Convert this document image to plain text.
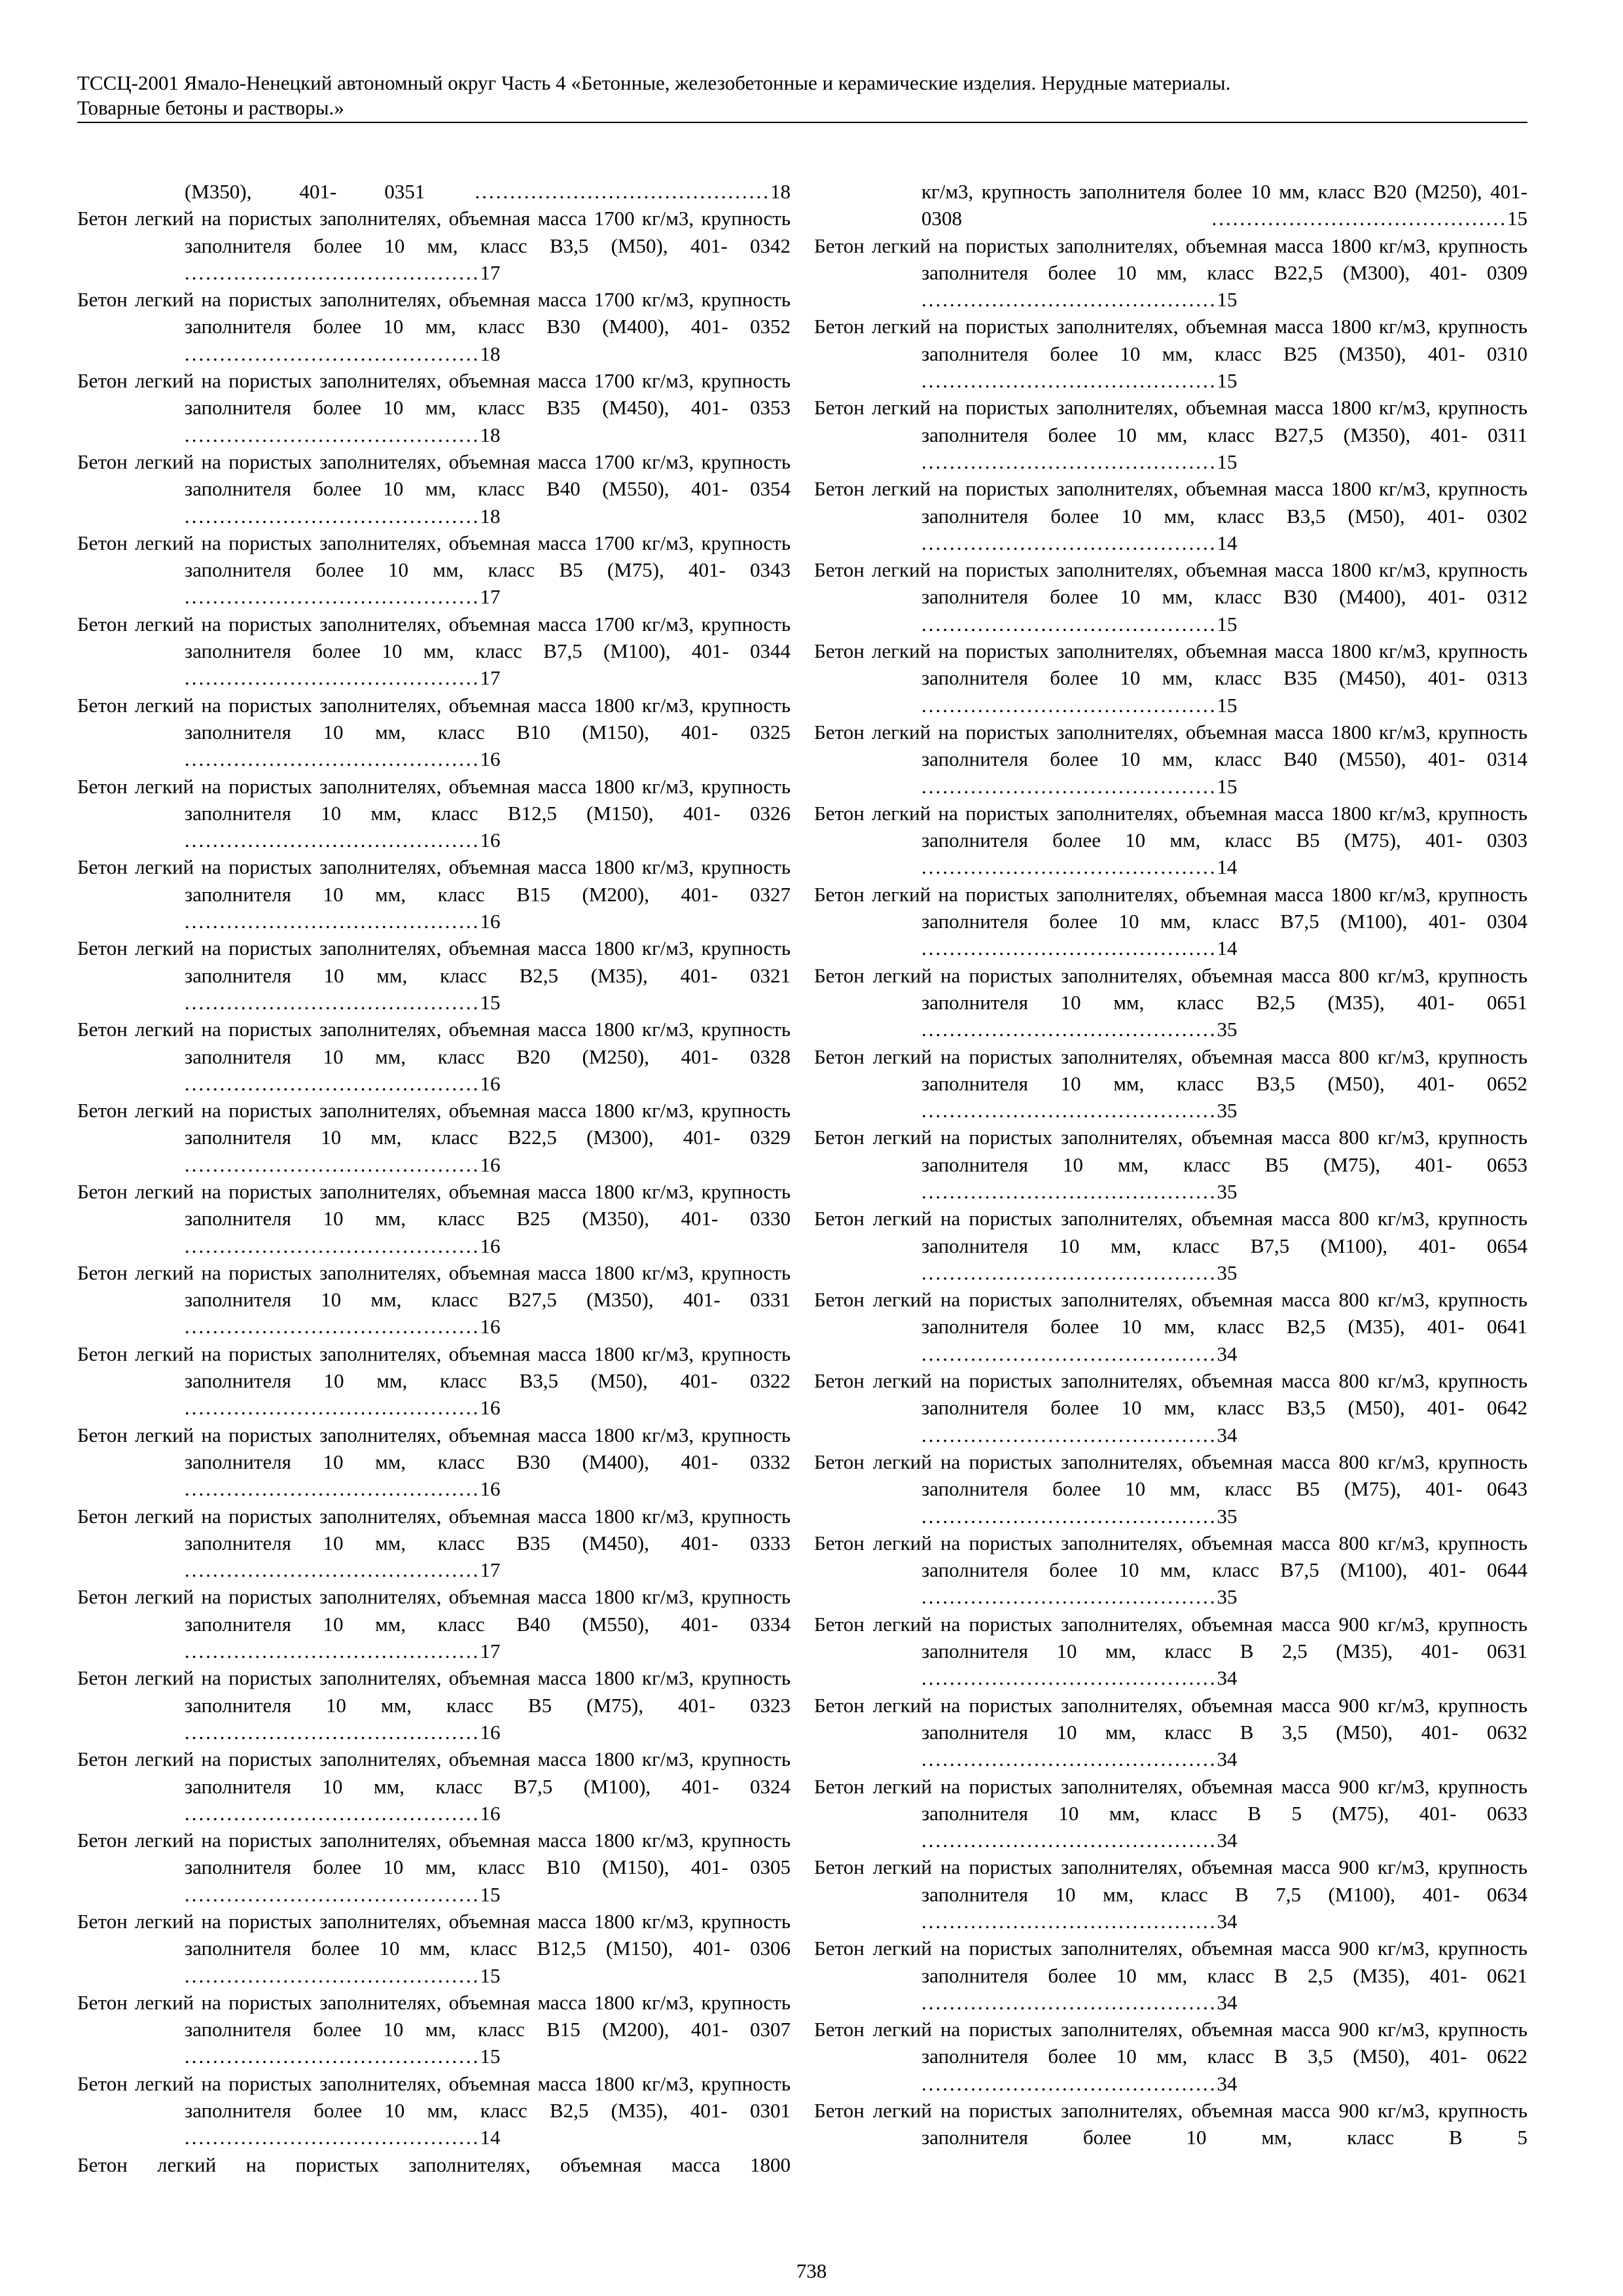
ТССЦ-2001 Ямало-Ненецкий автономный округ Часть 4 «Бетонные, железобетонные и керамические изделия. Нерудные материалы.
Товарные бетоны и растворы.»

(М350), 401- 0351 ..........................................18

Бетон легкий на пористых заполнителях, объемная масса 1700 кг/м3, крупность заполнителя более 10 мм, класс В3,5 (М50), 401- 0342 ..........................................17

Бетон легкий на пористых заполнителях, объемная масса 1700 кг/м3, крупность заполнителя более 10 мм, класс В30 (М400), 401- 0352 ..........................................18

Бетон легкий на пористых заполнителях, объемная масса 1700 кг/м3, крупность заполнителя более 10 мм, класс В35 (М450), 401- 0353 ..........................................18

Бетон легкий на пористых заполнителях, объемная масса 1700 кг/м3, крупность заполнителя более 10 мм, класс В40 (М550), 401- 0354 ..........................................18

Бетон легкий на пористых заполнителях, объемная масса 1700 кг/м3, крупность заполнителя более 10 мм, класс В5 (М75), 401- 0343 ..........................................17

Бетон легкий на пористых заполнителях, объемная масса 1700 кг/м3, крупность заполнителя более 10 мм, класс В7,5 (М100), 401- 0344 ..........................................17

Бетон легкий на пористых заполнителях, объемная масса 1800 кг/м3, крупность заполнителя 10 мм, класс В10 (М150), 401- 0325 ..........................................16

Бетон легкий на пористых заполнителях, объемная масса 1800 кг/м3, крупность заполнителя 10 мм, класс В12,5 (М150), 401- 0326 ..........................................16

Бетон легкий на пористых заполнителях, объемная масса 1800 кг/м3, крупность заполнителя 10 мм, класс В15 (М200), 401- 0327 ..........................................16

Бетон легкий на пористых заполнителях, объемная масса 1800 кг/м3, крупность заполнителя 10 мм, класс В2,5 (М35), 401- 0321 ..........................................15

Бетон легкий на пористых заполнителях, объемная масса 1800 кг/м3, крупность заполнителя 10 мм, класс В20 (М250), 401- 0328 ..........................................16

Бетон легкий на пористых заполнителях, объемная масса 1800 кг/м3, крупность заполнителя 10 мм, класс В22,5 (М300), 401- 0329 ..........................................16

Бетон легкий на пористых заполнителях, объемная масса 1800 кг/м3, крупность заполнителя 10 мм, класс В25 (М350), 401- 0330 ..........................................16

Бетон легкий на пористых заполнителях, объемная масса 1800 кг/м3, крупность заполнителя 10 мм, класс В27,5 (М350), 401- 0331 ..........................................16

Бетон легкий на пористых заполнителях, объемная масса 1800 кг/м3, крупность заполнителя 10 мм, класс В3,5 (М50), 401- 0322 ..........................................16

Бетон легкий на пористых заполнителях, объемная масса 1800 кг/м3, крупность заполнителя 10 мм, класс В30 (М400), 401- 0332 ..........................................16

Бетон легкий на пористых заполнителях, объемная масса 1800 кг/м3, крупность заполнителя 10 мм, класс В35 (М450), 401- 0333 ..........................................17

Бетон легкий на пористых заполнителях, объемная масса 1800 кг/м3, крупность заполнителя 10 мм, класс В40 (М550), 401- 0334 ..........................................17

Бетон легкий на пористых заполнителях, объемная масса 1800 кг/м3, крупность заполнителя 10 мм, класс В5 (М75), 401- 0323 ..........................................16

Бетон легкий на пористых заполнителях, объемная масса 1800 кг/м3, крупность заполнителя 10 мм, класс В7,5 (М100), 401- 0324 ..........................................16

Бетон легкий на пористых заполнителях, объемная масса 1800 кг/м3, крупность заполнителя более 10 мм, класс В10 (М150), 401- 0305 ..........................................15

Бетон легкий на пористых заполнителях, объемная масса 1800 кг/м3, крупность заполнителя более 10 мм, класс В12,5 (М150), 401- 0306 ..........................................15

Бетон легкий на пористых заполнителях, объемная масса 1800 кг/м3, крупность заполнителя более 10 мм, класс В15 (М200), 401- 0307 ..........................................15

Бетон легкий на пористых заполнителях, объемная масса 1800 кг/м3, крупность заполнителя более 10 мм, класс В2,5 (М35), 401- 0301 ..........................................14

Бетон легкий на пористых заполнителях, объемная масса 1800

кг/м3, крупность заполнителя более 10 мм, класс В20 (М250), 401- 0308 ..........................................15

Бетон легкий на пористых заполнителях, объемная масса 1800 кг/м3, крупность заполнителя более 10 мм, класс В22,5 (М300), 401- 0309 ..........................................15

Бетон легкий на пористых заполнителях, объемная масса 1800 кг/м3, крупность заполнителя более 10 мм, класс В25 (М350), 401- 0310 ..........................................15

Бетон легкий на пористых заполнителях, объемная масса 1800 кг/м3, крупность заполнителя более 10 мм, класс В27,5 (М350), 401- 0311 ..........................................15

Бетон легкий на пористых заполнителях, объемная масса 1800 кг/м3, крупность заполнителя более 10 мм, класс В3,5 (М50), 401- 0302 ..........................................14

Бетон легкий на пористых заполнителях, объемная масса 1800 кг/м3, крупность заполнителя более 10 мм, класс В30 (М400), 401- 0312 ..........................................15

Бетон легкий на пористых заполнителях, объемная масса 1800 кг/м3, крупность заполнителя более 10 мм, класс В35 (М450), 401- 0313 ..........................................15

Бетон легкий на пористых заполнителях, объемная масса 1800 кг/м3, крупность заполнителя более 10 мм, класс В40 (М550), 401- 0314 ..........................................15

Бетон легкий на пористых заполнителях, объемная масса 1800 кг/м3, крупность заполнителя более 10 мм, класс В5 (М75), 401- 0303 ..........................................14

Бетон легкий на пористых заполнителях, объемная масса 1800 кг/м3, крупность заполнителя более 10 мм, класс В7,5 (М100), 401- 0304 ..........................................14

Бетон легкий на пористых заполнителях, объемная масса 800 кг/м3, крупность заполнителя 10 мм, класс В2,5 (М35), 401- 0651 ..........................................35

Бетон легкий на пористых заполнителях, объемная масса 800 кг/м3, крупность заполнителя 10 мм, класс В3,5 (М50), 401- 0652 ..........................................35

Бетон легкий на пористых заполнителях, объемная масса 800 кг/м3, крупность заполнителя 10 мм, класс В5 (М75), 401- 0653 ..........................................35

Бетон легкий на пористых заполнителях, объемная масса 800 кг/м3, крупность заполнителя 10 мм, класс В7,5 (М100), 401- 0654 ..........................................35

Бетон легкий на пористых заполнителях, объемная масса 800 кг/м3, крупность заполнителя более 10 мм, класс В2,5 (М35), 401- 0641 ..........................................34

Бетон легкий на пористых заполнителях, объемная масса 800 кг/м3, крупность заполнителя более 10 мм, класс В3,5 (М50), 401- 0642 ..........................................34

Бетон легкий на пористых заполнителях, объемная масса 800 кг/м3, крупность заполнителя более 10 мм, класс В5 (М75), 401- 0643 ..........................................35

Бетон легкий на пористых заполнителях, объемная масса 800 кг/м3, крупность заполнителя более 10 мм, класс В7,5 (М100), 401- 0644 ..........................................35

Бетон легкий на пористых заполнителях, объемная масса 900 кг/м3, крупность заполнителя 10 мм, класс В 2,5 (М35), 401- 0631 ..........................................34

Бетон легкий на пористых заполнителях, объемная масса 900 кг/м3, крупность заполнителя 10 мм, класс В 3,5 (М50), 401- 0632 ..........................................34

Бетон легкий на пористых заполнителях, объемная масса 900 кг/м3, крупность заполнителя 10 мм, класс В 5 (М75), 401- 0633 ..........................................34

Бетон легкий на пористых заполнителях, объемная масса 900 кг/м3, крупность заполнителя 10 мм, класс В 7,5 (М100), 401- 0634 ..........................................34

Бетон легкий на пористых заполнителях, объемная масса 900 кг/м3, крупность заполнителя более 10 мм, класс В 2,5 (М35), 401- 0621 ..........................................34

Бетон легкий на пористых заполнителях, объемная масса 900 кг/м3, крупность заполнителя более 10 мм, класс В 3,5 (М50), 401- 0622 ..........................................34

Бетон легкий на пористых заполнителях, объемная масса 900 кг/м3, крупность заполнителя более 10 мм, класс В 5

738
